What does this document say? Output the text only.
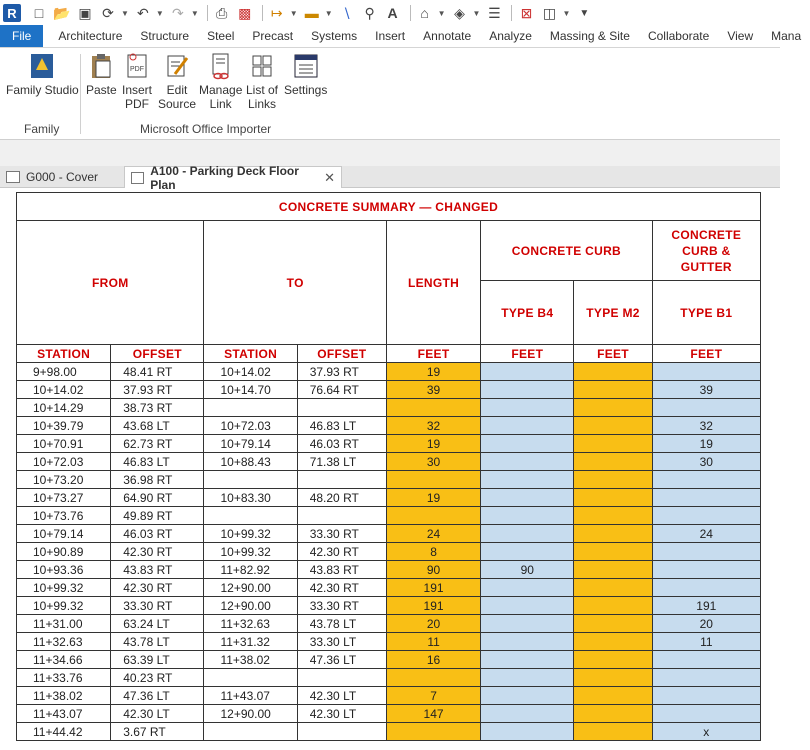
R	□ 📂 ▣ ⟳ ▼ ↶ ▼ ↷ ▼	⎙ ▩ ↦ ▼ ▬ ▼ ∖ ⚲ A	⌂	▼ ◈ ▼ ☰ ⊠ ◫ ▼ ▼
File	Architecture	Structure	Steel	Precast	Systems	Insert	Annotate	Analyze	Massing & Site	Collaborate	View	Mana
Family Studio
Family
Paste
PDF
Insert
PDF
Edit
Source
Manage
Link
List of
Links
Settings
Microsoft Office Importer
G000 - Cover	A100 - Parking Deck Floor Plan	✕
CONCRETE SUMMARY — CHANGED							
FROM		TO		LENGTH	CONCRETE CURB		CONCRETE CURB & GUTTER
					TYPE B4	TYPE M2	TYPE B1
STATION	OFFSET	STATION	OFFSET	FEET	FEET	FEET	FEET
9+98.00	48.41 RT	10+14.02	37.93 RT	19			
10+14.02	37.93 RT	10+14.70	76.64 RT	39			39
10+14.29	38.73 RT						
10+39.79	43.68 LT	10+72.03	46.83 LT	32			32
10+70.91	62.73 RT	10+79.14	46.03 RT	19			19
10+72.03	46.83 LT	10+88.43	71.38 LT	30			30
10+73.20	36.98 RT						
10+73.27	64.90 RT	10+83.30	48.20 RT	19			
10+73.76	49.89 RT						
10+79.14	46.03 RT	10+99.32	33.30 RT	24			24
10+90.89	42.30 RT	10+99.32	42.30 RT	8			
10+93.36	43.83 RT	11+82.92	43.83 RT	90	90		
10+99.32	42.30 RT	12+90.00	42.30 RT	191			
10+99.32	33.30 RT	12+90.00	33.30 RT	191			191
11+31.00	63.24 LT	11+32.63	43.78 LT	20			20
11+32.63	43.78 LT	11+31.32	33.30 LT	11			11
11+34.66	63.39 LT	11+38.02	47.36 LT	16			
11+33.76	40.23 RT						
11+38.02	47.36 LT	11+43.07	42.30 LT	7			
11+43.07	42.30 LT	12+90.00	42.30 LT	147			
11+44.42	3.67 RT						x
